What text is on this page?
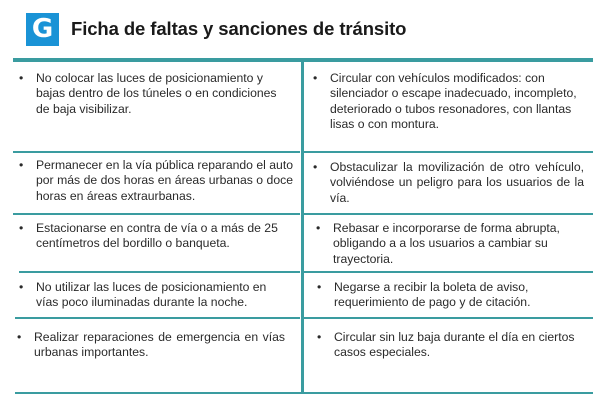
G Ficha de faltas y sanciones de tránsito
• No colocar las luces de posicionamiento y bajas dentro de los túneles o en condiciones de baja visibilizar.
• Circular con vehículos modificados: con silenciador o escape inadecuado, incompleto, deteriorado o tubos resonadores, con llantas lisas o con montura.
• Permanecer en la vía pública reparando el auto por más de dos horas en áreas urbanas o doce horas en áreas extraurbanas.
• Obstaculizar la movilización de otro vehículo, volviéndose un peligro para los usuarios de la vía.
• Estacionarse en contra de vía o a más de 25 centímetros del bordillo o banqueta.
• Rebasar e incorporarse de forma abrupta, obligando a a los usuarios a cambiar su trayectoria.
• No utilizar las luces de posicionamiento en vías poco iluminadas durante la noche.
• Negarse a recibir la boleta de aviso, requerimiento de pago y de citación.
• Realizar reparaciones de emergencia en vías urbanas importantes.
• Circular sin luz baja durante el día en ciertos casos especiales.
